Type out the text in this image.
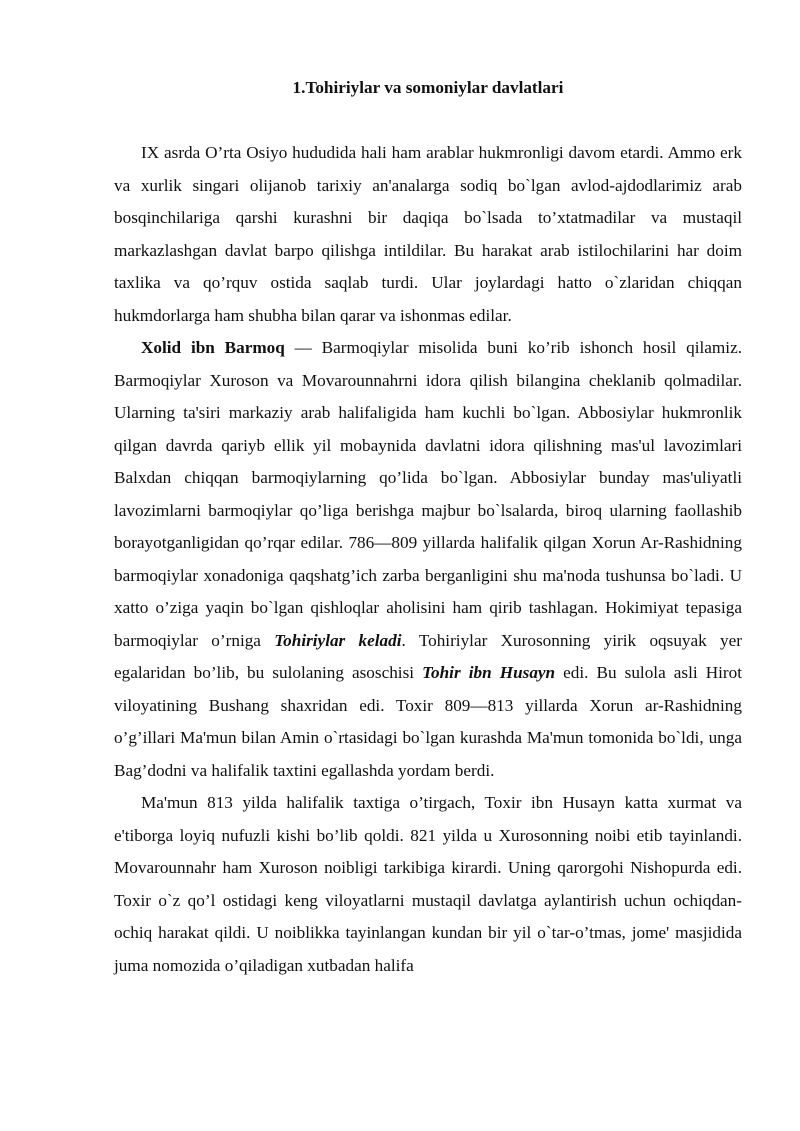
1.Tohiriylar va somoniylar davlatlari

IX asrda O’rta Osiyo hududida hali ham arablar hukmronligi davom etardi. Ammo erk va xurlik singari olijanob tarixiy an'analarga sodiq bo`lgan avlod-ajdodlarimiz arab bosqinchilariga qarshi kurashni bir daqiqa bo`lsada to’xtatmadilar va mustaqil markazlashgan davlat barpo qilishga intildilar. Bu harakat arab istilochilarini har doim taxlika va qo’rquv ostida saqlab turdi. Ular joylardagi hatto o`zlaridan chiqqan hukmdorlarga ham shubha bilan qarar va ishonmas edilar.

Xolid ibn Barmoq — Barmoqiylar misolida buni ko’rib ishonch hosil qilamiz. Barmoqiylar Xuroson va Movarounnahrni idora qilish bilangina cheklanib qolmadilar. Ularning ta'siri markaziy arab halifaligida ham kuchli bo`lgan. Abbosiylar hukmronlik qilgan davrda qariyb ellik yil mobaynida davlatni idora qilishning mas'ul lavozimlari Balxdan chiqqan barmoqiylarning qo’lida bo`lgan. Abbosiylar bunday mas'uliyatli lavozimlarni barmoqiylar qo’liga berishga majbur bo`lsalarda, biroq ularning faollashib borayotganligidan qo’rqar edilar. 786—809 yillarda halifalik qilgan Xorun Ar-Rashidning barmoqiylar xonadoniga qaqshatg’ich zarba berganligini shu ma'noda tushunsa bo`ladi. U xatto o’ziga yaqin bo`lgan qishloqlar aholisini ham qirib tashlagan. Hokimiyat tepasiga barmoqiylar o’rniga Tohiriylar keladi. Tohiriylar Xurosonning yirik oqsuyak yer egalaridan bo’lib, bu sulolaning asoschisi Tohir ibn Husayn edi. Bu sulola asli Hirot viloyatining Bushang shaxridan edi. Toxir 809—813 yillarda Xorun ar-Rashidning o’g’illari Ma'mun bilan Amin o`rtasidagi bo`lgan kurashda Ma'mun tomonida bo`ldi, unga Bag’dodni va halifalik taxtini egallashda yordam berdi.

Ma'mun 813 yilda halifalik taxtiga o’tirgach, Toxir ibn Husayn katta xurmat va e'tiborga loyiq nufuzli kishi bo’lib qoldi. 821 yilda u Xurosonning noibi etib tayinlandi. Movarounnahr ham Xuroson noibligi tarkibiga kirardi. Uning qarorgohi Nishopurda edi. Toxir o`z qo’l ostidagi keng viloyatlarni mustaqil davlatga aylantirish uchun ochiqdan-ochiq harakat qildi. U noiblikka tayinlangan kundan bir yil o`tar-o’tmas, jome' masjidida juma nomozida o’qiladigan xutbadan halifa
